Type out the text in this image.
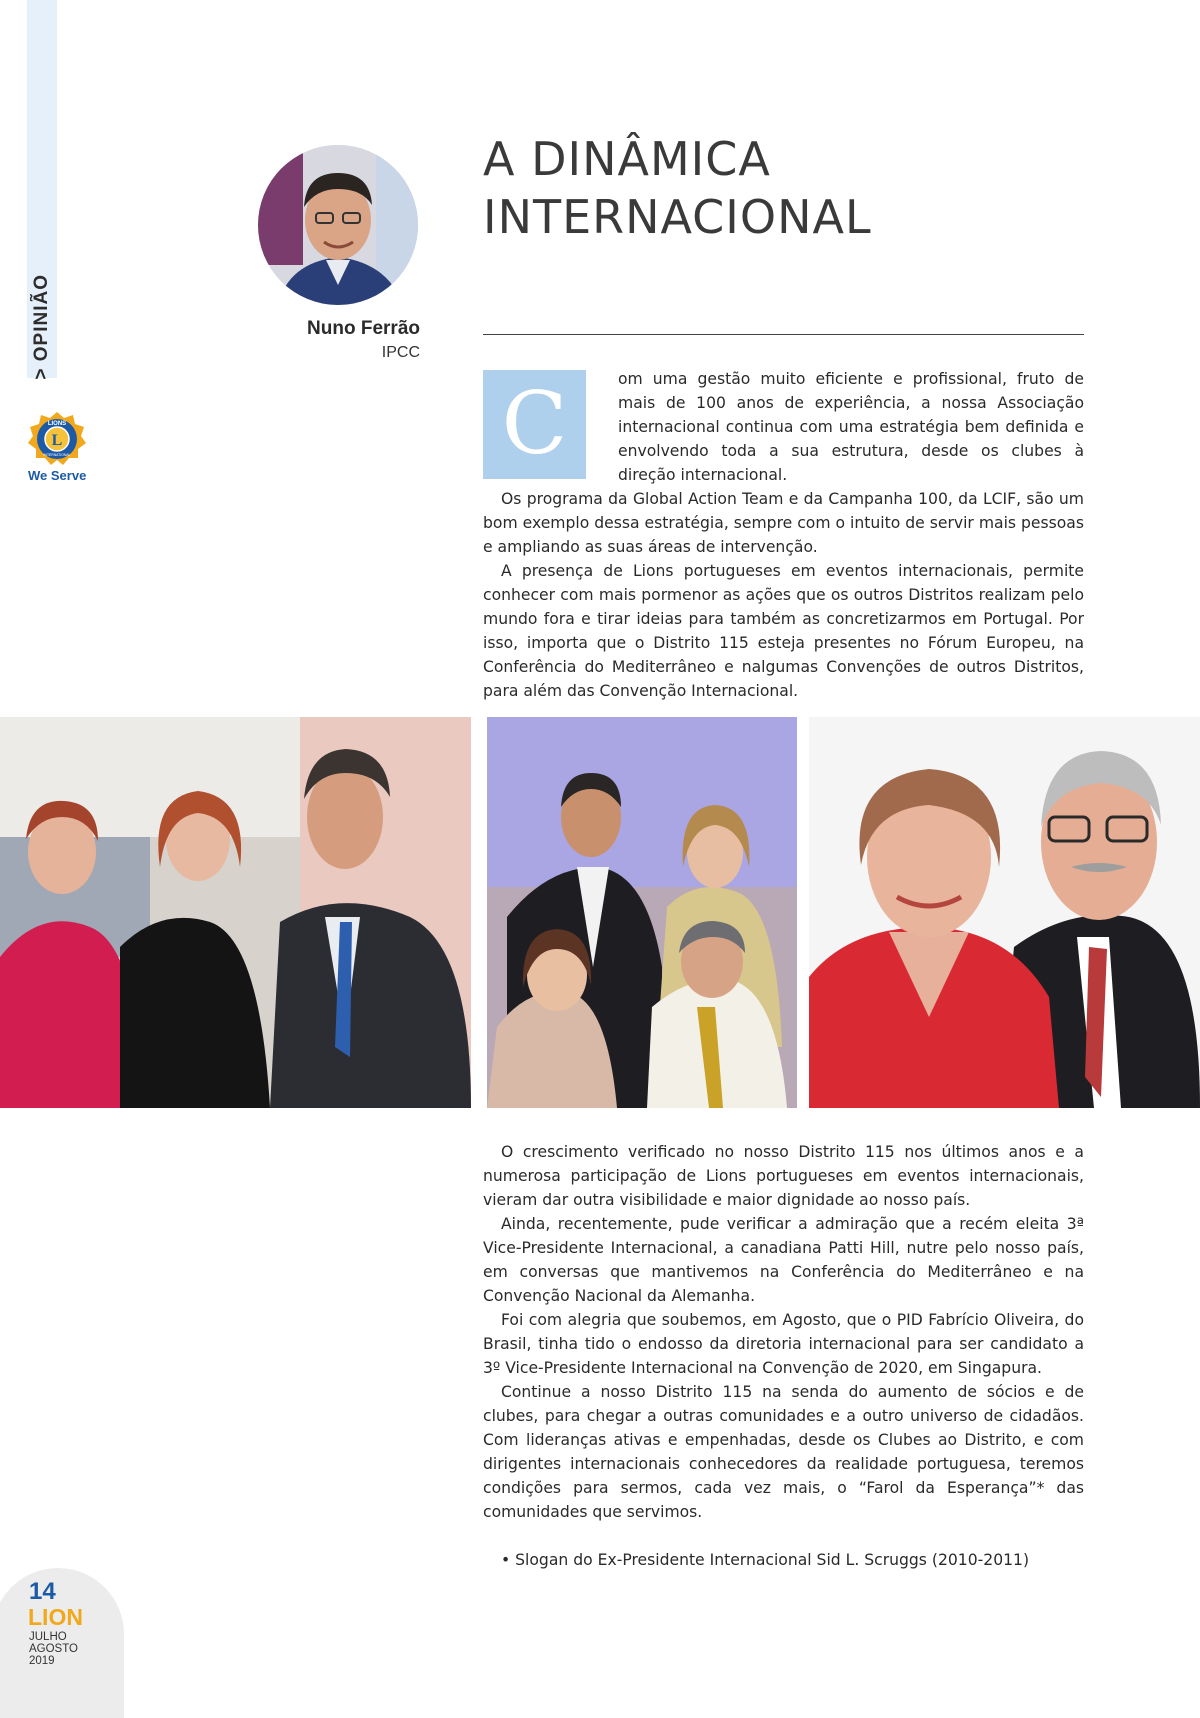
> OPINIÃO
L
LIONS
INTERNATIONAL
We Serve
Nuno Ferrão
IPCC
A DINÂMICA
INTERNACIONAL
C	om uma gestão muito eficiente e profissional, fruto de mais de 100 anos de experiência, a nossa Associação internacional continua com uma estratégia bem definida e envolvendo toda a sua estrutura, desde os clubes à direção internacional.

Os programa da Global Action Team e da Campanha 100, da LCIF, são um bom exemplo dessa estratégia, sempre com o intuito de servir mais pessoas e ampliando as suas áreas de intervenção.

A presença de Lions portugueses em eventos internacionais, permite conhecer com mais pormenor as ações que os outros Distritos realizam pelo mundo fora e tirar ideias para também as concretizarmos em Portugal. Por isso, importa que o Distrito 115 esteja presentes no Fórum Europeu, na Conferência do Mediterrâneo e nalgumas Convenções de outros Distritos, para além das Convenção Internacional.

O crescimento verificado no nosso Distrito 115 nos últimos anos e a numerosa participação de Lions portugueses em eventos internacionais, vieram dar outra visibilidade e maior dignidade ao nosso país.

Ainda, recentemente, pude verificar a admiração que a recém eleita 3ª Vice-Presidente Internacional, a canadiana Patti Hill, nutre pelo nosso país, em conversas que mantivemos na Conferência do Mediterrâneo e na Convenção Nacional da Alemanha.

Foi com alegria que soubemos, em Agosto, que o PID Fabrício Oliveira, do Brasil, tinha tido o endosso da diretoria internacional para ser candidato a 3º Vice-Presidente Internacional na Convenção de 2020, em Singapura.

Continue a nosso Distrito 115 na senda do aumento de sócios e de clubes, para chegar a outras comunidades e a outro universo de cidadãos. Com lideranças ativas e empenhadas, desde os Clubes ao Distrito, e com dirigentes internacionais conhecedores da realidade portuguesa, teremos condições para sermos, cada vez mais, o “Farol da Esperança”* das comunidades que servimos.

• Slogan do Ex-Presidente Internacional Sid L. Scruggs (2010-2011)

14
LION
JULHO
AGOSTO
2019
